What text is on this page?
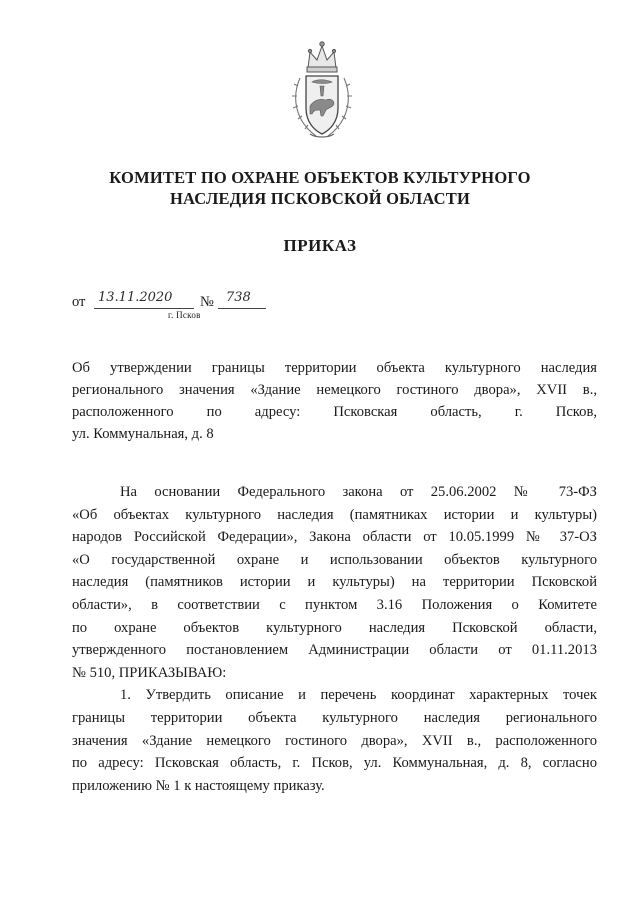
КОМИТЕТ ПО ОХРАНЕ ОБЪЕКТОВ КУЛЬТУРНОГО
НАСЛЕДИЯ ПСКОВСКОЙ ОБЛАСТИ
ПРИКАЗ
от 13.11.2020 № 738
г. Псков
Об утверждении границы территории объекта культурного наследия
регионального значения «Здание немецкого гостиного двора», XVII в.,
расположенного по адресу: Псковская область, г. Псков,
ул. Коммунальная, д. 8
На основании Федерального закона от 25.06.2002 № 73-ФЗ
«Об объектах культурного наследия (памятниках истории и культуры)
народов Российской Федерации», Закона области от 10.05.1999 № 37-ОЗ
«О государственной охране и использовании объектов культурного
наследия (памятников истории и культуры) на территории Псковской
области», в соответствии с пунктом 3.16 Положения о Комитете
по охране объектов культурного наследия Псковской области,
утвержденного постановлением Администрации области от 01.11.2013
№ 510, ПРИКАЗЫВАЮ:
1. Утвердить описание и перечень координат характерных точек
границы территории объекта культурного наследия регионального
значения «Здание немецкого гостиного двора», XVII в., расположенного
по адресу: Псковская область, г. Псков, ул. Коммунальная, д. 8, согласно
приложению № 1 к настоящему приказу.
